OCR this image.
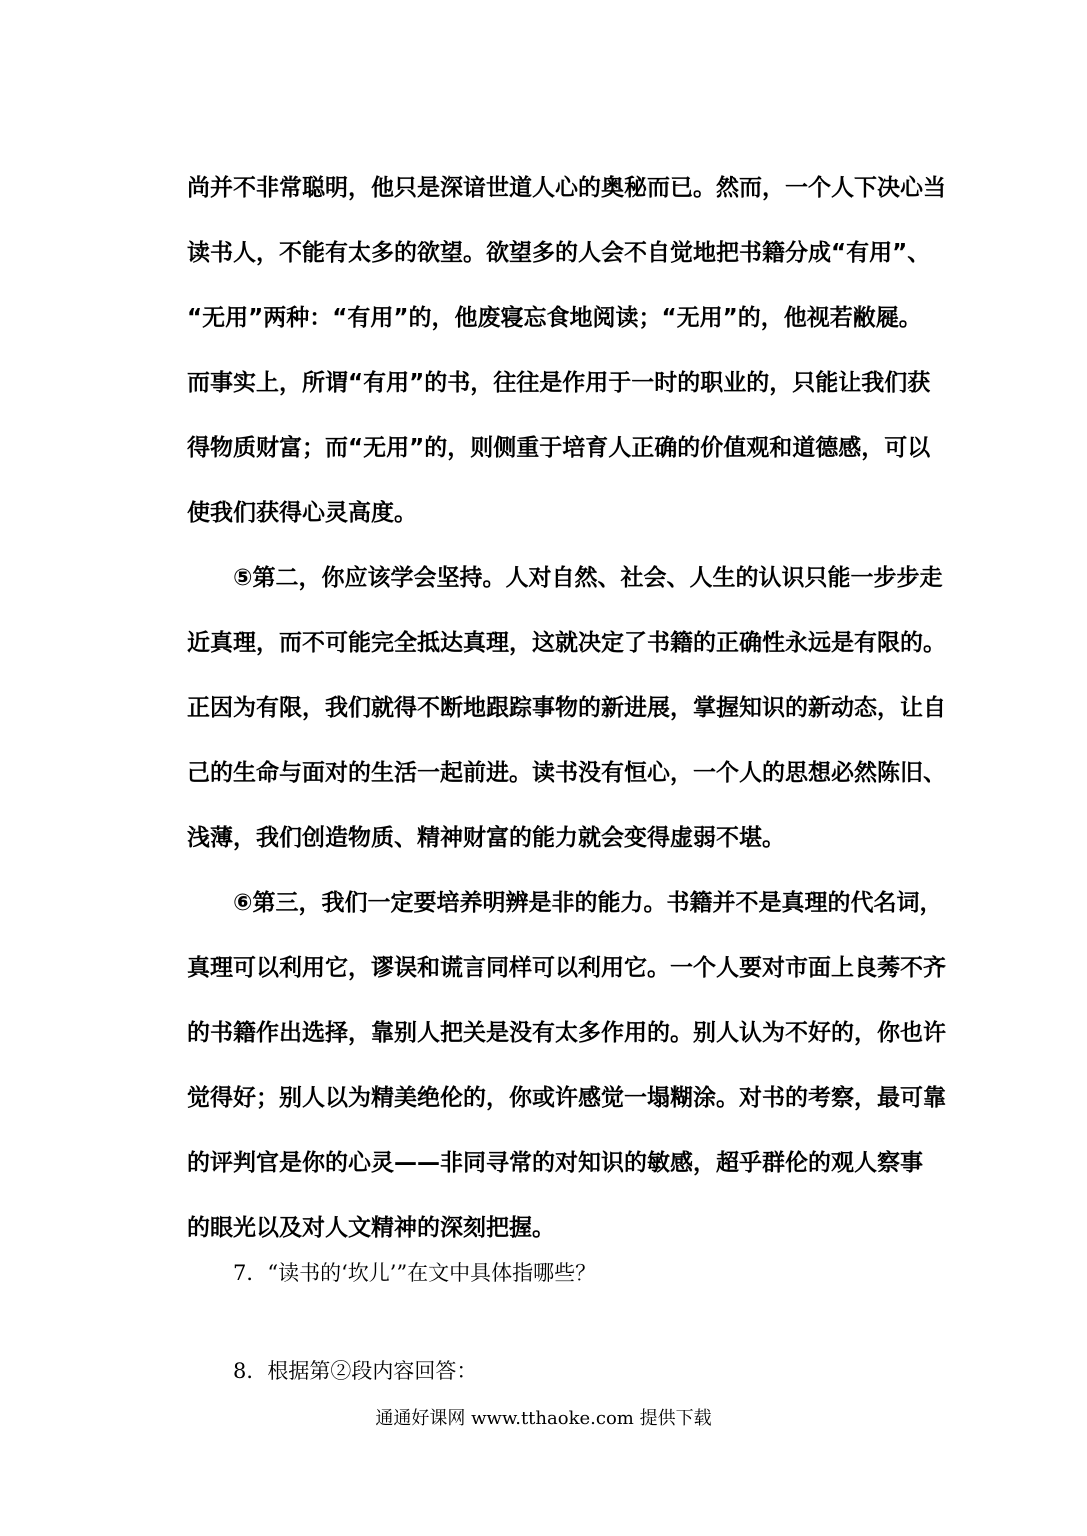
尚并不非常聪明，他只是深谙世道人心的奥秘而已。然而，一个人下决心当
读书人，不能有太多的欲望。欲望多的人会不自觉地把书籍分成“有用”、
“无用”两种：“有用”的，他废寝忘食地阅读；“无用”的，他视若敝屣。
而事实上，所谓“有用”的书，往往是作用于一时的职业的，只能让我们获
得物质财富；而“无用”的，则侧重于培育人正确的价值观和道德感，可以
使我们获得心灵高度。
⑤第二，你应该学会坚持。人对自然、社会、人生的认识只能一步步走
近真理，而不可能完全抵达真理，这就决定了书籍的正确性永远是有限的。
正因为有限，我们就得不断地跟踪事物的新进展，掌握知识的新动态，让自
己的生命与面对的生活一起前进。读书没有恒心，一个人的思想必然陈旧、
浅薄，我们创造物质、精神财富的能力就会变得虚弱不堪。
⑥第三，我们一定要培养明辨是非的能力。书籍并不是真理的代名词，
真理可以利用它，谬误和谎言同样可以利用它。一个人要对市面上良莠不齐
的书籍作出选择，靠别人把关是没有太多作用的。别人认为不好的，你也许
觉得好；别人以为精美绝伦的，你或许感觉一塌糊涂。对书的考察，最可靠
的评判官是你的心灵——非同寻常的对知识的敏感，超乎群伦的观人察事
的眼光以及对人文精神的深刻把握。
7．“读书的‘坎儿’”在文中具体指哪些？
8．根据第②段内容回答：
通通好课网 www.tthaoke.com 提供下载
